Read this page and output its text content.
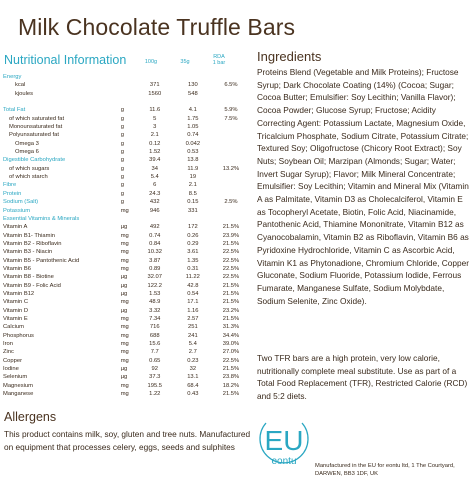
Milk Chocolate Truffle Bars
Nutritional Information	100g	35g
RDA
1 bar
Energy				
kcal		371	130	6.5%
kjoules		1560	548	

Total Fat	g	11.6	4.1	5.9%
of which saturated fat	g	5	1.75	7.5%
Monounsaturated fat	g	3	1.05	
Polyunsaturated fat	g	2.1	0.74	
Omega 3	g	0.12	0.042	
Omega 6	g	1.52	0.53	
Digestible Carbohydrate	g	39.4	13.8	
of which sugars	g	34	11.9	13.2%
of which starch	g	5.4	19	
Fibre	g	6	2.1	
Protein	g	24.3	8.5	
Sodium (Salt)	g	432	0.15	2.5%
Potassium	mg	946	331	
Essential Vitamins & Minerals				
Vitamin A	µg	492	172	21.5%
Vitamin B1- Thiamin	mg	0.74	0.26	23.9%
Vitamin B2 - Riboflavin	mg	0.84	0.29	21.5%
Vitamin B3 - Niacin	mg	10.32	3.61	22.5%
Vitamin B5 - Pantothenic Acid	mg	3.87	1.35	22.5%
Vitamin B6	mg	0.89	0.31	22.5%
Vitamin B8 - Biotine	µg	32.07	11.22	22.5%
Vitamin B9 - Folic Acid	µg	122.2	42.8	21.5%
Vitamin B12	µg	1.53	0.54	21.5%
Vitamin C	mg	48.9	17.1	21.5%
Vitamin D	µg	3.32	1.16	23.2%
Vitamin E	mg	7.34	2.57	21.5%
Calcium	mg	716	251	31.3%
Phosphorus	mg	688	241	34.4%
Iron	mg	15.6	5.4	39.0%
Zinc	mg	7.7	2.7	27.0%
Copper	mg	0.65	0.23	22.5%
Iodine	µg	92	32	21.5%
Selenium	µg	37.3	13.1	23.8%
Magnesium	mg	195.5	68.4	18.2%
Manganese	mg	1.22	0.43	21.5%
Ingredients
Proteins Blend (Vegetable and Milk Proteins); Fructose Syrup; Dark Chocolate Coating (14%) (Cocoa; Sugar; Cocoa Butter; Emulsifier: Soy Lecithin; Vanilla Flavor); Cocoa Powder; Glucose Syrup; Fructose; Acidity Correcting Agent: Potassium Lactate, Magnesium Oxide, Tricalcium Phosphate, Sodium Citrate, Potassium Citrate; Textured Soy; Oligofructose (Chicory Root Extract); Soy Nuts; Soybean Oil; Marzipan (Almonds; Sugar; Water; Invert Sugar Syrup); Flavor; Milk Mineral Concentrate; Emulsifier: Soy Lecithin; Vitamin and Mineral Mix (Vitamin A as Palmitate, Vitamin D3 as Cholecalciferol, Vitamin E as Tocopheryl Acetate, Biotin, Folic Acid, Niacinamide, Pantothenic Acid, Thiamine Mononitrate, Vitamin B12 as Cyanocobalamin, Vitamin B2 as Riboflavin, Vitamin B6 as Pyridoxine Hydrochloride, Vitamin C as Ascorbic Acid, Vitamin K1 as Phytonadione, Chromium Chloride, Copper Gluconate, Sodium Fluoride, Potassium Iodide, Ferrous Fumarate, Manganese Sulfate, Sodium Molybdate, Sodium Selenite, Zinc Oxide).
Two TFR bars are a high protein, very low calorie, nutritionally complete meal substitute. Use as part of a Total Food Replacement (TFR), Restricted Calorie (RCD) and 5:2 diets.
EU
eontu	Manufactured in the EU for eontu ltd, 1 The Courtyard, DARWEN, BB3 1DF, UK
Allergens
This product contains milk, soy, gluten and tree nuts. Manufactured on equipment that processes celery, eggs, seeds and sulphites
